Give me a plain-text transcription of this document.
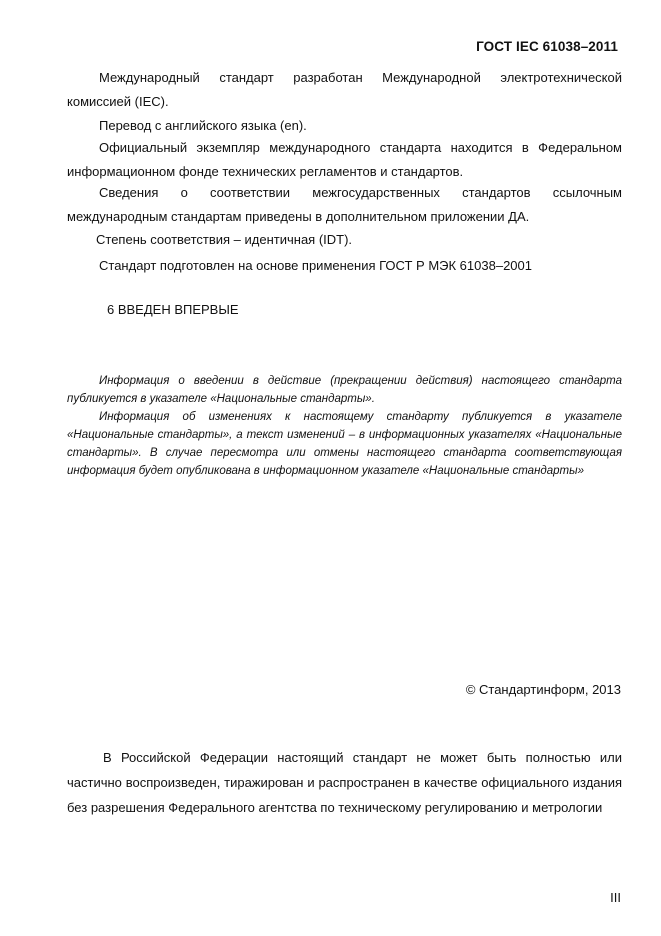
ГОСТ IEC 61038–2011

Международный стандарт разработан Международной электротехнической комиссией (IEC).

Перевод с английского языка (en).

Официальный экземпляр международного стандарта находится в Федеральном информационном фонде технических регламентов и стандартов.

Сведения о соответствии межгосударственных стандартов ссылочным международным стандартам приведены в дополнительном приложении ДА.

Степень соответствия – идентичная (IDT).

Стандарт подготовлен на основе применения ГОСТ Р МЭК 61038–2001

6 ВВЕДЕН ВПЕРВЫЕ

Информация о введении в действие (прекращении действия) настоящего стандарта публикуется в указателе «Национальные стандарты».

Информация об изменениях к настоящему стандарту публикуется в указателе «Национальные стандарты», а текст изменений – в информационных указателях «Национальные стандарты». В случае пересмотра или отмены настоящего стандарта соответствующая информация будет опубликована в информационном указателе «Национальные стандарты»

© Стандартинформ, 2013

В Российской Федерации настоящий стандарт не может быть полностью или частично воспроизведен, тиражирован и распространен в качестве официального издания без разрешения Федерального агентства по техническому регулированию и метрологии

III
